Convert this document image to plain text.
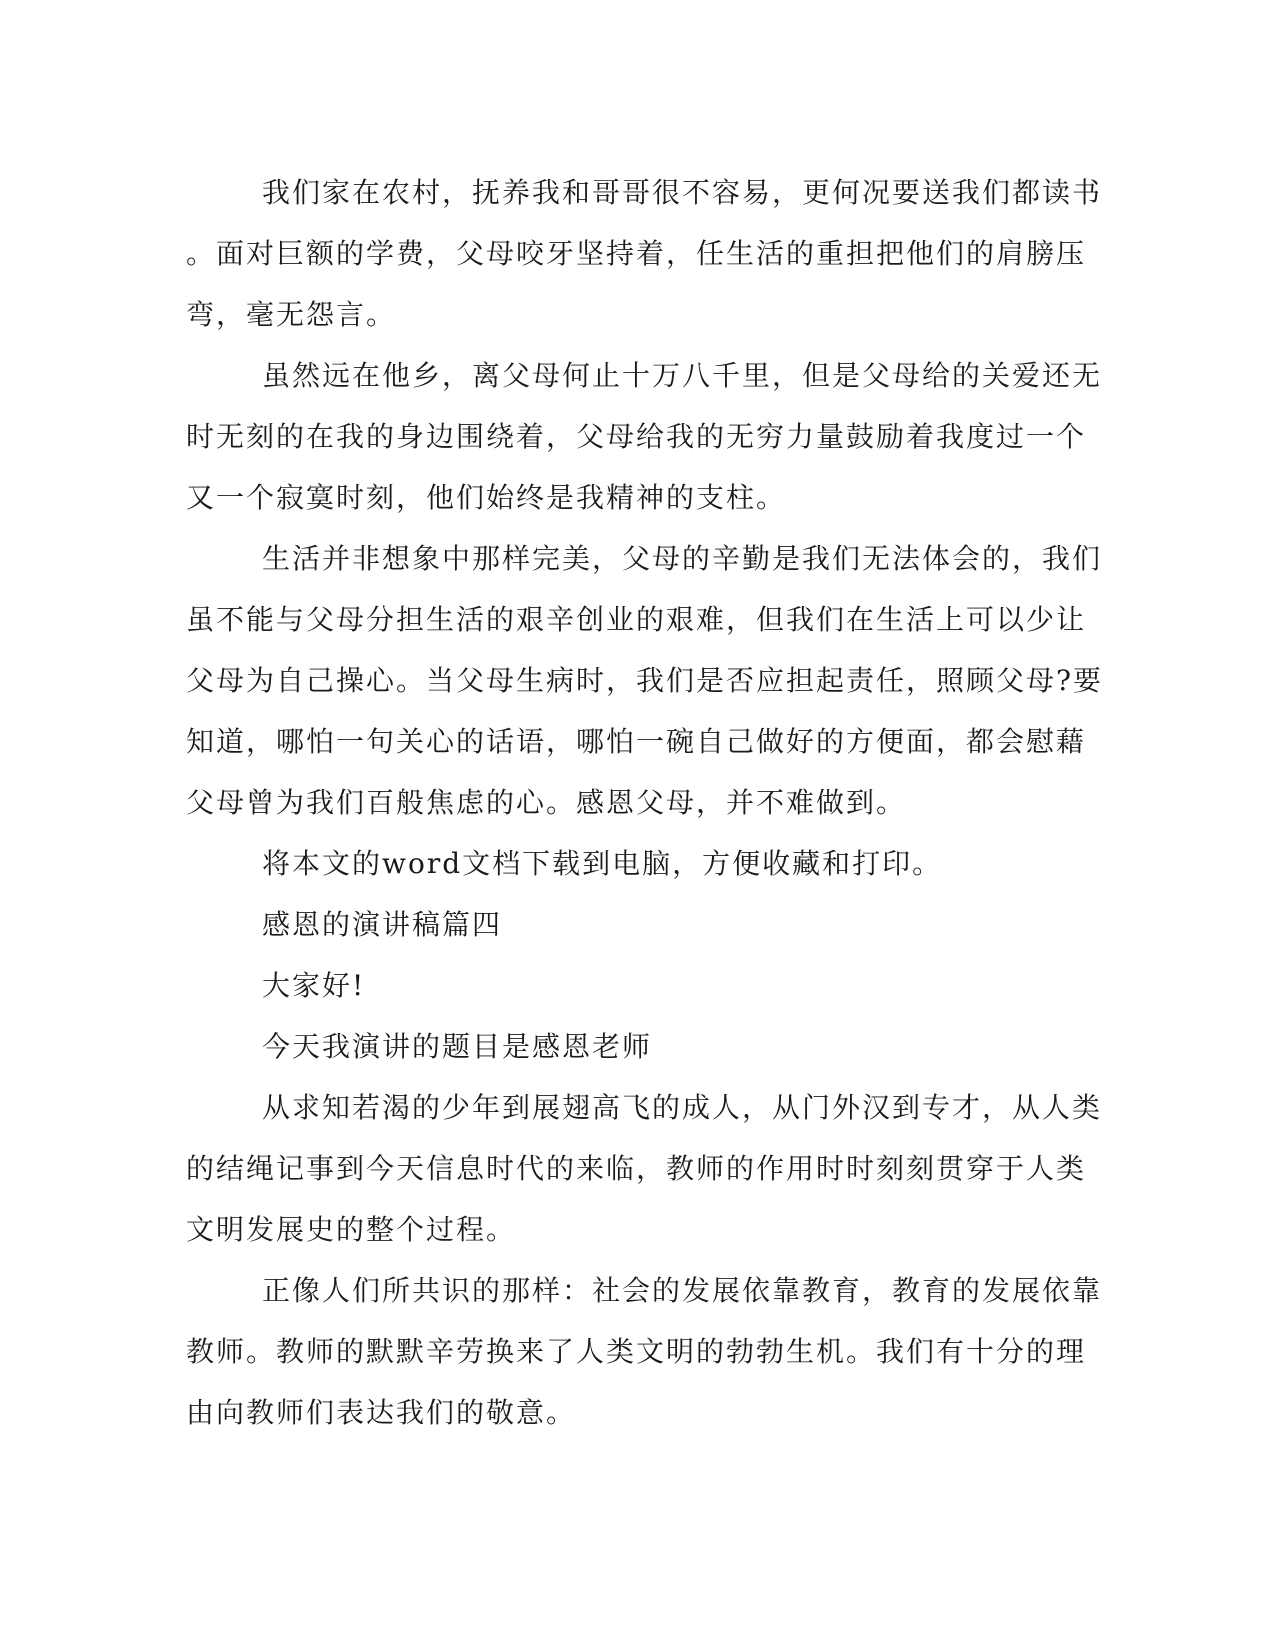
我们家在农村，抚养我和哥哥很不容易，更何况要送我们都读书
。面对巨额的学费，父母咬牙坚持着，任生活的重担把他们的肩膀压
弯，毫无怨言。

虽然远在他乡，离父母何止十万八千里，但是父母给的关爱还无
时无刻的在我的身边围绕着，父母给我的无穷力量鼓励着我度过一个
又一个寂寞时刻，他们始终是我精神的支柱。

生活并非想象中那样完美，父母的辛勤是我们无法体会的，我们
虽不能与父母分担生活的艰辛创业的艰难，但我们在生活上可以少让
父母为自己操心。当父母生病时，我们是否应担起责任，照顾父母?要
知道，哪怕一句关心的话语，哪怕一碗自己做好的方便面，都会慰藉
父母曾为我们百般焦虑的心。感恩父母，并不难做到。

将本文的word文档下载到电脑，方便收藏和打印。

感恩的演讲稿篇四

大家好!

今天我演讲的题目是感恩老师

从求知若渴的少年到展翅高飞的成人，从门外汉到专才，从人类
的结绳记事到今天信息时代的来临，教师的作用时时刻刻贯穿于人类
文明发展史的整个过程。

正像人们所共识的那样：社会的发展依靠教育，教育的发展依靠
教师。教师的默默辛劳换来了人类文明的勃勃生机。我们有十分的理
由向教师们表达我们的敬意。
